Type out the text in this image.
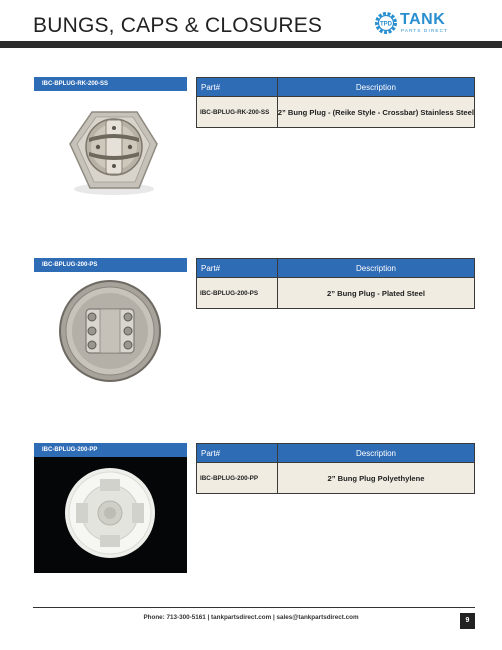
BUNGS, CAPS & CLOSURES	TPD TANK
PARTS DIRECT
IBC-BPLUG-RK-200-SS	Part#	Description
IBC-BPLUG-RK-200-SS	2” Bung Plug - (Reike Style - Crossbar) Stainless Steel
IBC-BPLUG-200-PS	Part#	Description
IBC-BPLUG-200-PS	2” Bung Plug - Plated Steel
IBC-BPLUG-200-PP	Part#	Description
IBC-BPLUG-200-PP	2” Bung Plug Polyethylene
Phone: 713-300-5161 | tankpartsdirect.com | sales@tankpartsdirect.com	9
